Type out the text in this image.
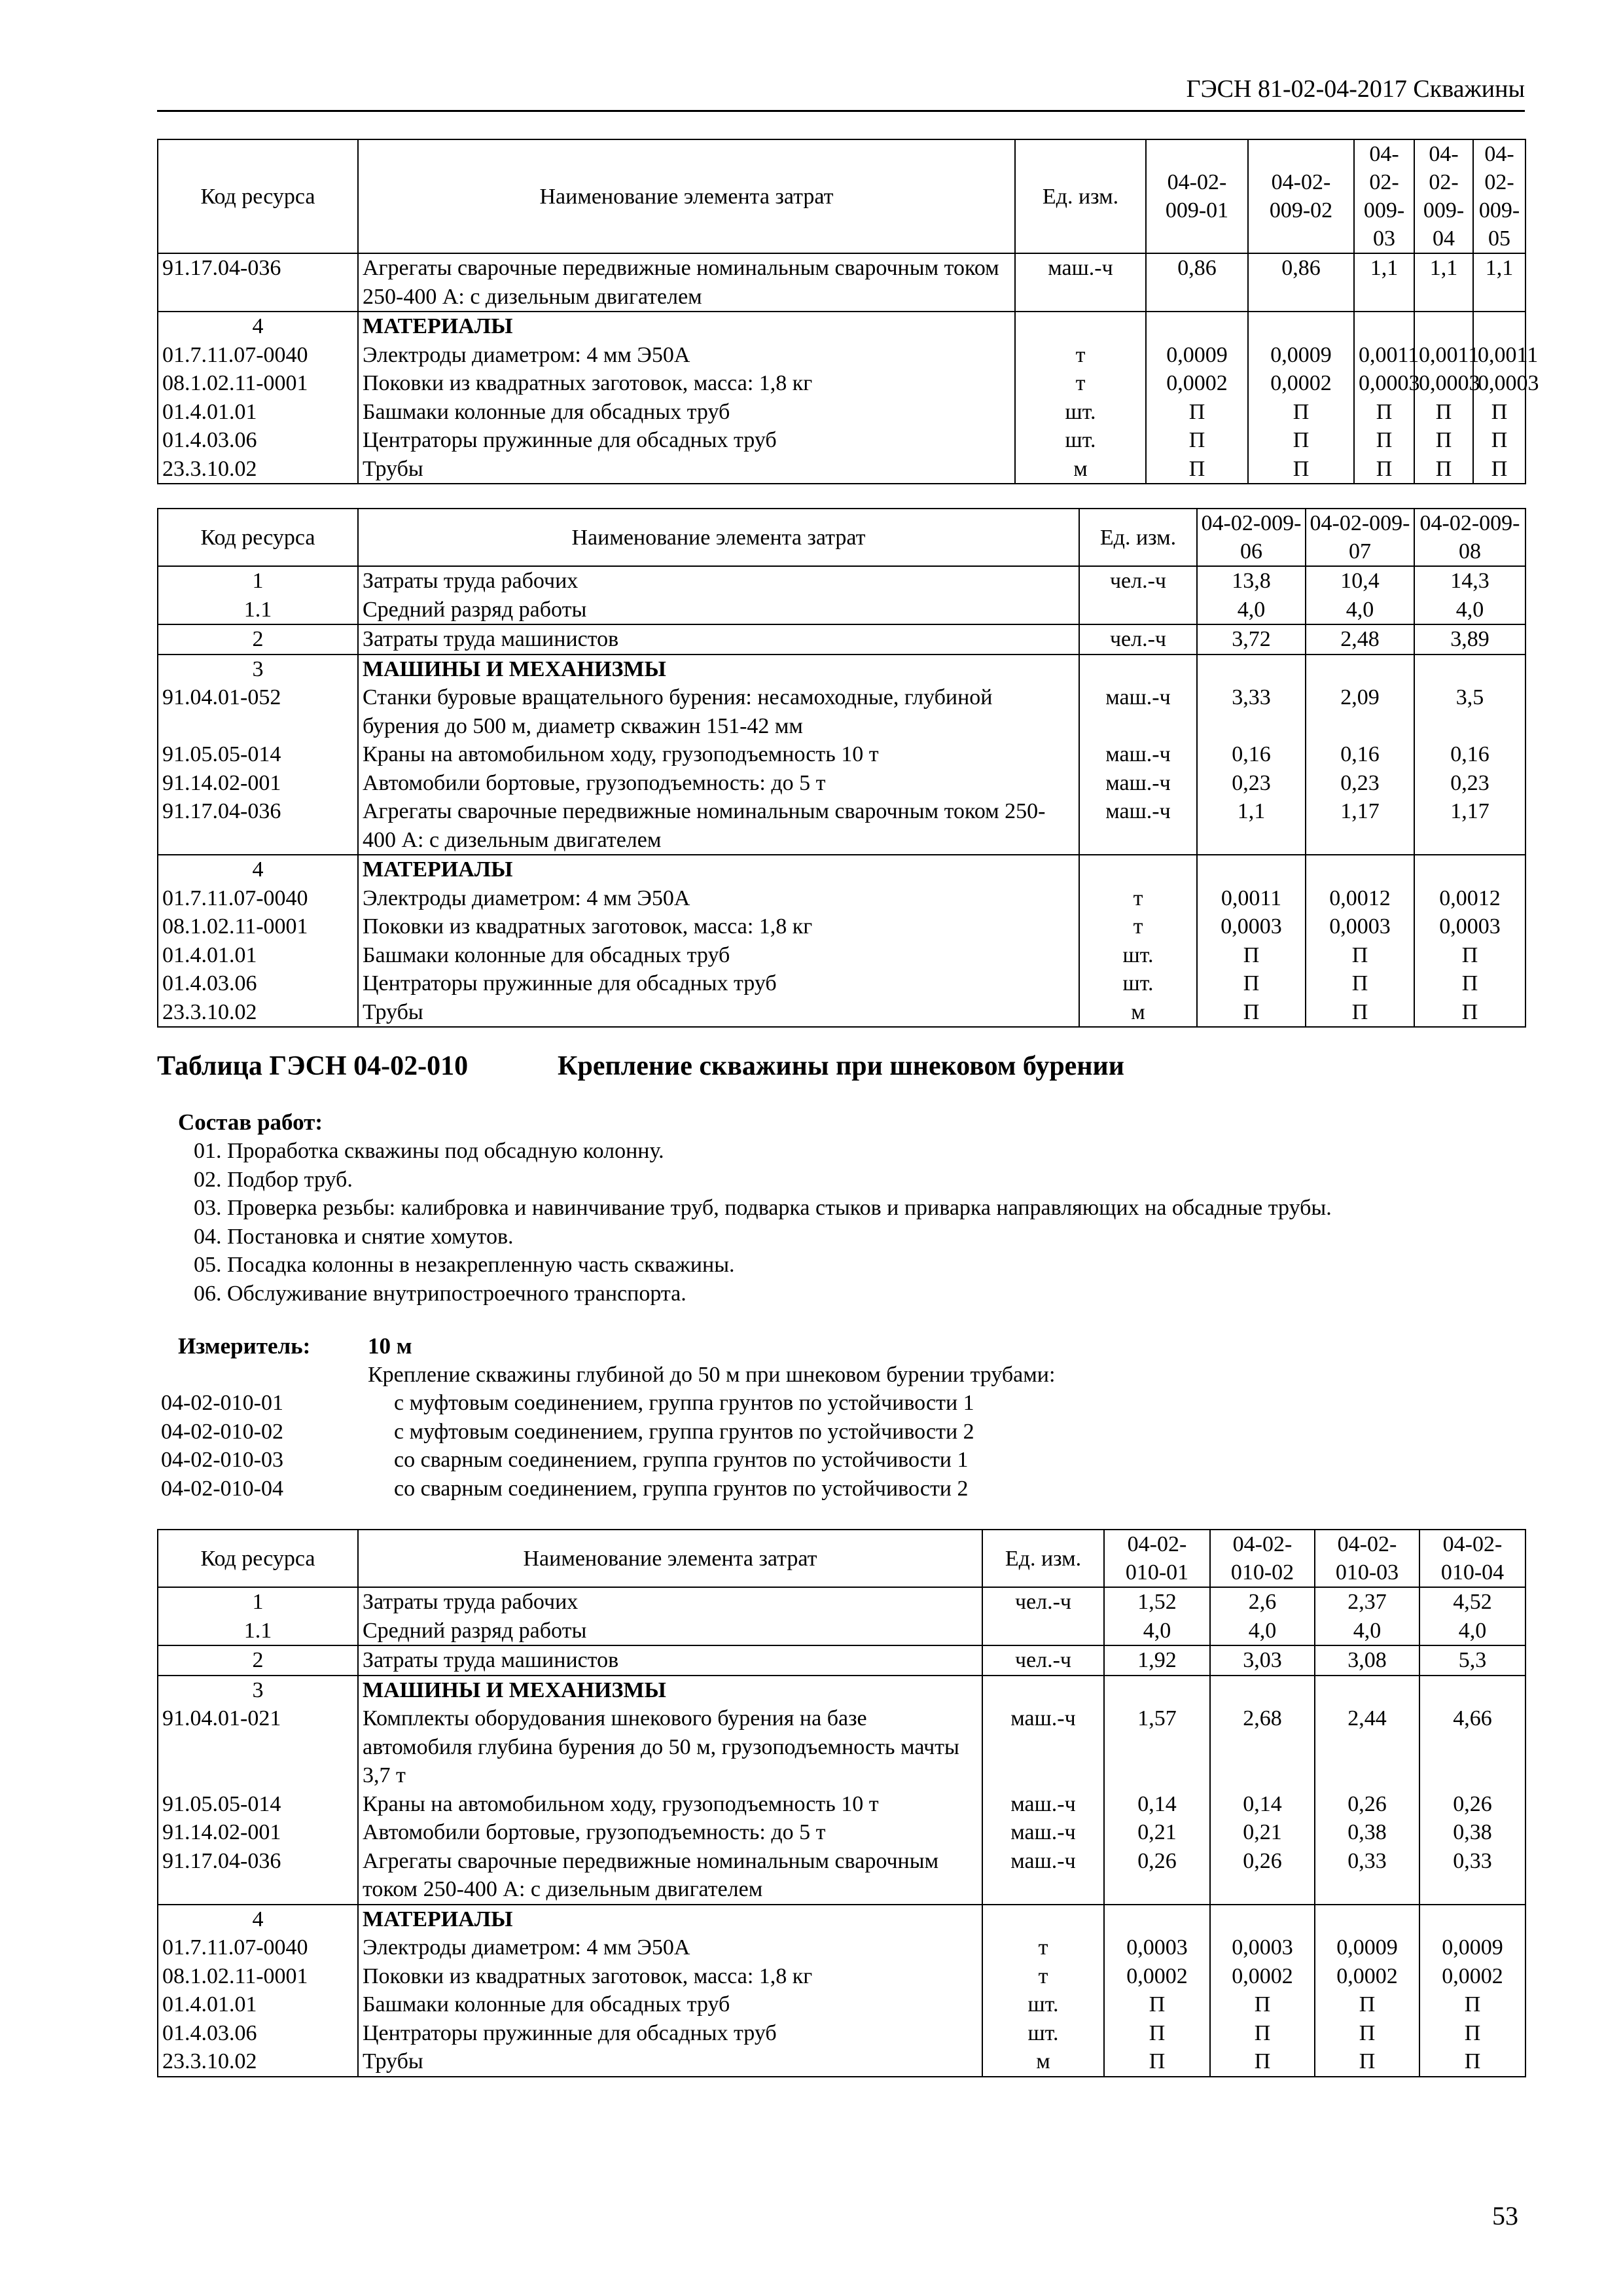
ГЭСН 81-02-04-2017 Скважины
Код ресурса	Наименование элемента затрат	Ед. изм.	04-02-009-01	04-02-009-02	04-02-009-03	04-02-009-04	04-02-009-05
91.17.04-036	Агрегаты сварочные передвижные номинальным сварочным током 250-400 А: с дизельным двигателем	маш.-ч	0,86	0,86	1,1	1,1	1,1
4	МАТЕРИАЛЫ						
01.7.11.07-0040	Электроды диаметром: 4 мм Э50А	т	0,0009	0,0009	0,0011	0,0011	0,0011
08.1.02.11-0001	Поковки из квадратных заготовок, масса: 1,8 кг	т	0,0002	0,0002	0,0003	0,0003	0,0003
01.4.01.01	Башмаки колонные для обсадных труб	шт.	П	П	П	П	П
01.4.03.06	Центраторы пружинные для обсадных труб	шт.	П	П	П	П	П
23.3.10.02	Трубы	м	П	П	П	П	П
Код ресурса	Наименование элемента затрат	Ед. изм.	04-02-009-06	04-02-009-07	04-02-009-08
1	Затраты труда рабочих	чел.-ч	13,8	10,4	14,3
1.1	Средний разряд работы		4,0	4,0	4,0
2	Затраты труда машинистов	чел.-ч	3,72	2,48	3,89
3	МАШИНЫ И МЕХАНИЗМЫ				
91.04.01-052	Станки буровые вращательного бурения: несамоходные, глубиной бурения до 500 м, диаметр скважин 151-42 мм	маш.-ч	3,33	2,09	3,5
91.05.05-014	Краны на автомобильном ходу, грузоподъемность 10 т	маш.-ч	0,16	0,16	0,16
91.14.02-001	Автомобили бортовые, грузоподъемность: до 5 т	маш.-ч	0,23	0,23	0,23
91.17.04-036	Агрегаты сварочные передвижные номинальным сварочным током 250-400 А: с дизельным двигателем	маш.-ч	1,1	1,17	1,17
4	МАТЕРИАЛЫ				
01.7.11.07-0040	Электроды диаметром: 4 мм Э50А	т	0,0011	0,0012	0,0012
08.1.02.11-0001	Поковки из квадратных заготовок, масса: 1,8 кг	т	0,0003	0,0003	0,0003
01.4.01.01	Башмаки колонные для обсадных труб	шт.	П	П	П
01.4.03.06	Центраторы пружинные для обсадных труб	шт.	П	П	П
23.3.10.02	Трубы	м	П	П	П
Таблица ГЭСН 04-02-010	Крепление скважины при шнековом бурении
Состав работ:
01. Проработка скважины под обсадную колонну.
02. Подбор труб.
03. Проверка резьбы: калибровка и навинчивание труб, подварка стыков и приварка направляющих на обсадные трубы.
04. Постановка и снятие хомутов.
05. Посадка колонны в незакрепленную часть скважины.
06. Обслуживание внутрипостроечного транспорта.
Измеритель:	10 м
Крепление скважины глубиной до 50 м при шнековом бурении трубами:
04-02-010-01	с муфтовым соединением, группа грунтов по устойчивости 1
04-02-010-02	с муфтовым соединением, группа грунтов по устойчивости 2
04-02-010-03	со сварным соединением, группа грунтов по устойчивости 1
04-02-010-04	со сварным соединением, группа грунтов по устойчивости 2
Код ресурса	Наименование элемента затрат	Ед. изм.	04-02-010-01	04-02-010-02	04-02-010-03	04-02-010-04
1	Затраты труда рабочих	чел.-ч	1,52	2,6	2,37	4,52
1.1	Средний разряд работы		4,0	4,0	4,0	4,0
2	Затраты труда машинистов	чел.-ч	1,92	3,03	3,08	5,3
3	МАШИНЫ И МЕХАНИЗМЫ					
91.04.01-021	Комплекты оборудования шнекового бурения на базе автомобиля глубина бурения до 50 м, грузоподъемность мачты 3,7 т	маш.-ч	1,57	2,68	2,44	4,66
91.05.05-014	Краны на автомобильном ходу, грузоподъемность 10 т	маш.-ч	0,14	0,14	0,26	0,26
91.14.02-001	Автомобили бортовые, грузоподъемность: до 5 т	маш.-ч	0,21	0,21	0,38	0,38
91.17.04-036	Агрегаты сварочные передвижные номинальным сварочным током 250-400 А: с дизельным двигателем	маш.-ч	0,26	0,26	0,33	0,33
4	МАТЕРИАЛЫ					
01.7.11.07-0040	Электроды диаметром: 4 мм Э50А	т	0,0003	0,0003	0,0009	0,0009
08.1.02.11-0001	Поковки из квадратных заготовок, масса: 1,8 кг	т	0,0002	0,0002	0,0002	0,0002
01.4.01.01	Башмаки колонные для обсадных труб	шт.	П	П	П	П
01.4.03.06	Центраторы пружинные для обсадных труб	шт.	П	П	П	П
23.3.10.02	Трубы	м	П	П	П	П
53
